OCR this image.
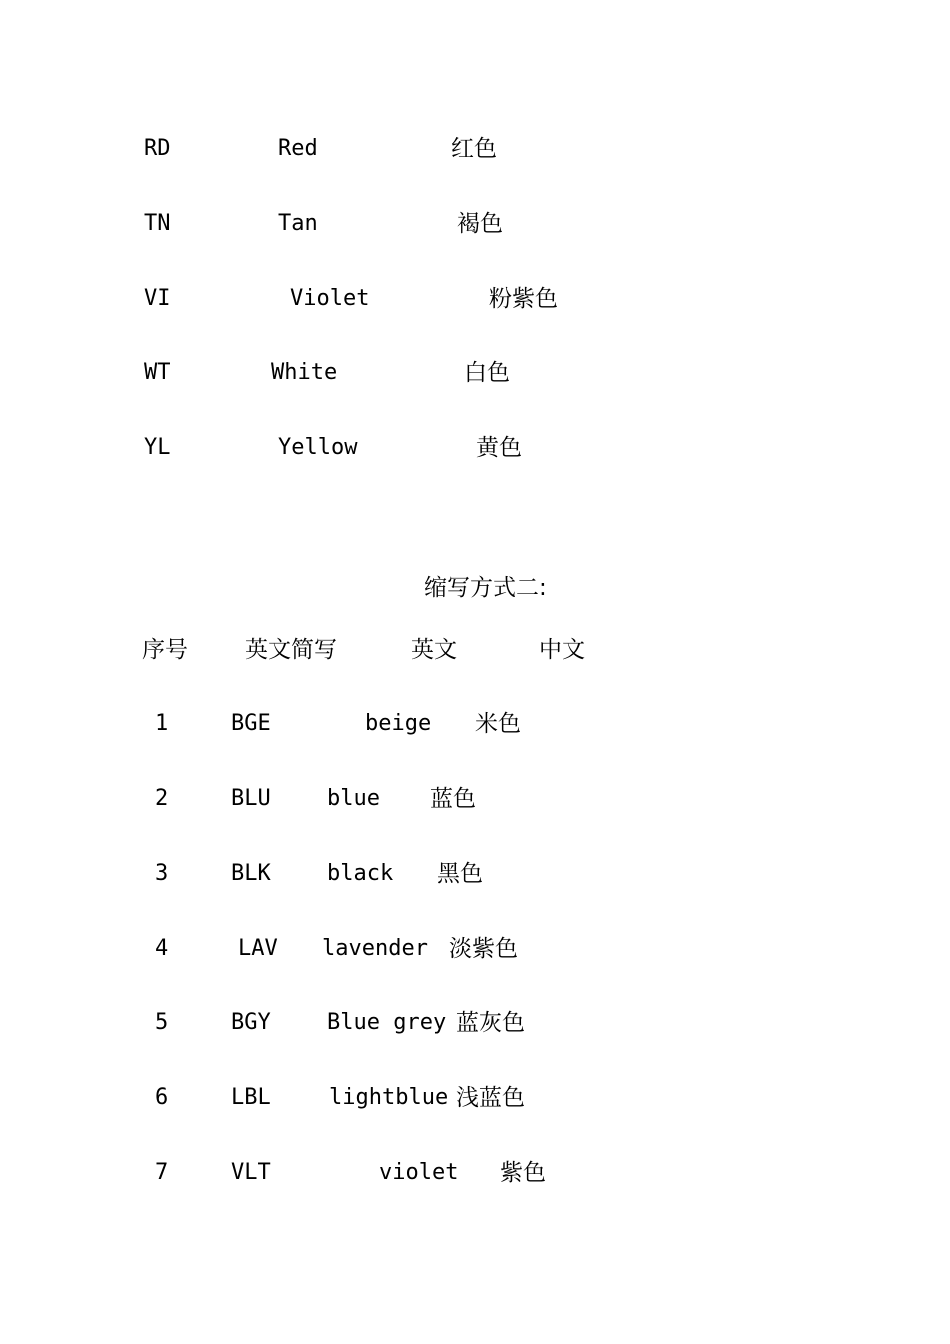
RD	Red	红色
TN	Tan	褐色
VI	Violet	粉紫色
WT	White	白色
YL	Yellow	黄色
缩写方式二:
序号 英文简写	英文	中文
1	BGE	beige 米色
2	BLU	blue 蓝色
3	BLK	black 黑色
4	LAV lavender 淡紫色
5	BGY	Blue grey 蓝灰色
6	LBL	lightblue 浅蓝色
7	VLT	violet 紫色
